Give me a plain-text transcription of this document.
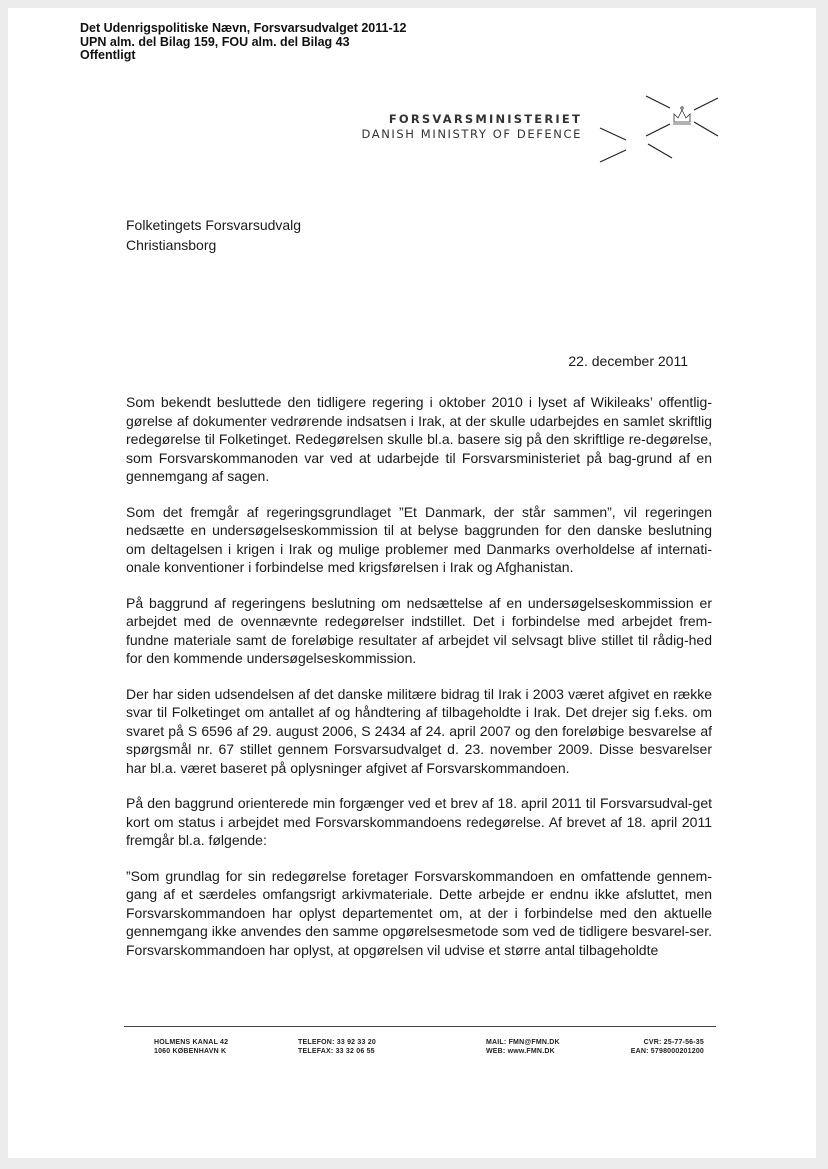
Det Udenrigspolitiske Nævn, Forsvarsudvalget 2011-12
UPN alm. del Bilag 159, FOU alm. del Bilag 43
Offentligt
FORSVARSMINISTERIET
DANISH MINISTRY OF DEFENCE
Folketingets Forsvarsudvalg
Christiansborg
22. december 2011

Som bekendt besluttede den tidligere regering i oktober 2010 i lyset af Wikileaks’ offentlig-gørelse af dokumenter vedrørende indsatsen i Irak, at der skulle udarbejdes en samlet skriftlig redegørelse til Folketinget. Redegørelsen skulle bl.a. basere sig på den skriftlige re-degørelse, som Forsvarskommanoden var ved at udarbejde til Forsvarsministeriet på bag-grund af en gennemgang af sagen.

Som det fremgår af regeringsgrundlaget ”Et Danmark, der står sammen”, vil regeringen nedsætte en undersøgelseskommission til at belyse baggrunden for den danske beslutning om deltagelsen i krigen i Irak og mulige problemer med Danmarks overholdelse af internati-onale konventioner i forbindelse med krigsførelsen i Irak og Afghanistan.

På baggrund af regeringens beslutning om nedsættelse af en undersøgelseskommission er arbejdet med de ovennævnte redegørelser indstillet. Det i forbindelse med arbejdet frem-fundne materiale samt de foreløbige resultater af arbejdet vil selvsagt blive stillet til rådig-hed for den kommende undersøgelseskommission.

Der har siden udsendelsen af det danske militære bidrag til Irak i 2003 været afgivet en række svar til Folketinget om antallet af og håndtering af tilbageholdte i Irak. Det drejer sig f.eks. om svaret på S 6596 af 29. august 2006, S 2434 af 24. april 2007 og den foreløbige besvarelse af spørgsmål nr. 67 stillet gennem Forsvarsudvalget d. 23. november 2009. Disse besvarelser har bl.a. været baseret på oplysninger afgivet af Forsvarskommandoen.

På den baggrund orienterede min forgænger ved et brev af 18. april 2011 til Forsvarsudval-get kort om status i arbejdet med Forsvarskommandoens redegørelse. Af brevet af 18. april 2011 fremgår bl.a. følgende:

”Som grundlag for sin redegørelse foretager Forsvarskommandoen en omfattende gennem-gang af et særdeles omfangsrigt arkivmateriale. Dette arbejde er endnu ikke afsluttet, men Forsvarskommandoen har oplyst departementet om, at der i forbindelse med den aktuelle gennemgang ikke anvendes den samme opgørelsesmetode som ved de tidligere besvarel-ser. Forsvarskommandoen har oplyst, at opgørelsen vil udvise et større antal tilbageholdte

HOLMENS KANAL 42
1060 KØBENHAVN K
TELEFON: 33 92 33 20
TELEFAX: 33 32 06 55
MAIL: FMN@FMN.DK
WEB: www.FMN.DK
CVR: 25-77-56-35
EAN: 5798000201200
